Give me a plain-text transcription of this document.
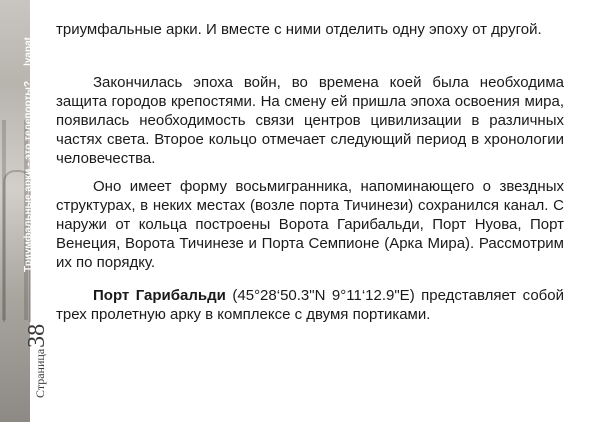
Триумфальные арки - это телепорты?
lyanat
Страница
38

триумфальные арки. И вместе с ними отделить одну эпоху от другой.

Закончилась эпоха войн, во времена коей была необходима защита городов крепостями. На смену ей пришла эпоха освоения мира, появилась необходимость связи центров цивилизации в различных частях света. Второе кольцо отмечает следующий период в хронологии человечества.

Оно имеет форму восьмигранника, напоминающего о звездных структурах, в неких местах (возле порта Тичинези) сохранился канал. С наружи от кольца построены Ворота Гарибальди, Порт Нуова, Порт Венеция, Ворота Тичинезе и Порта Семпионе (Арка Мира). Рассмотрим их по порядку.

Порт Гарибальди (45°28‘50.3"N 9°11‘12.9"E) представляет собой трех пролетную арку в комплексе с двумя портиками.
